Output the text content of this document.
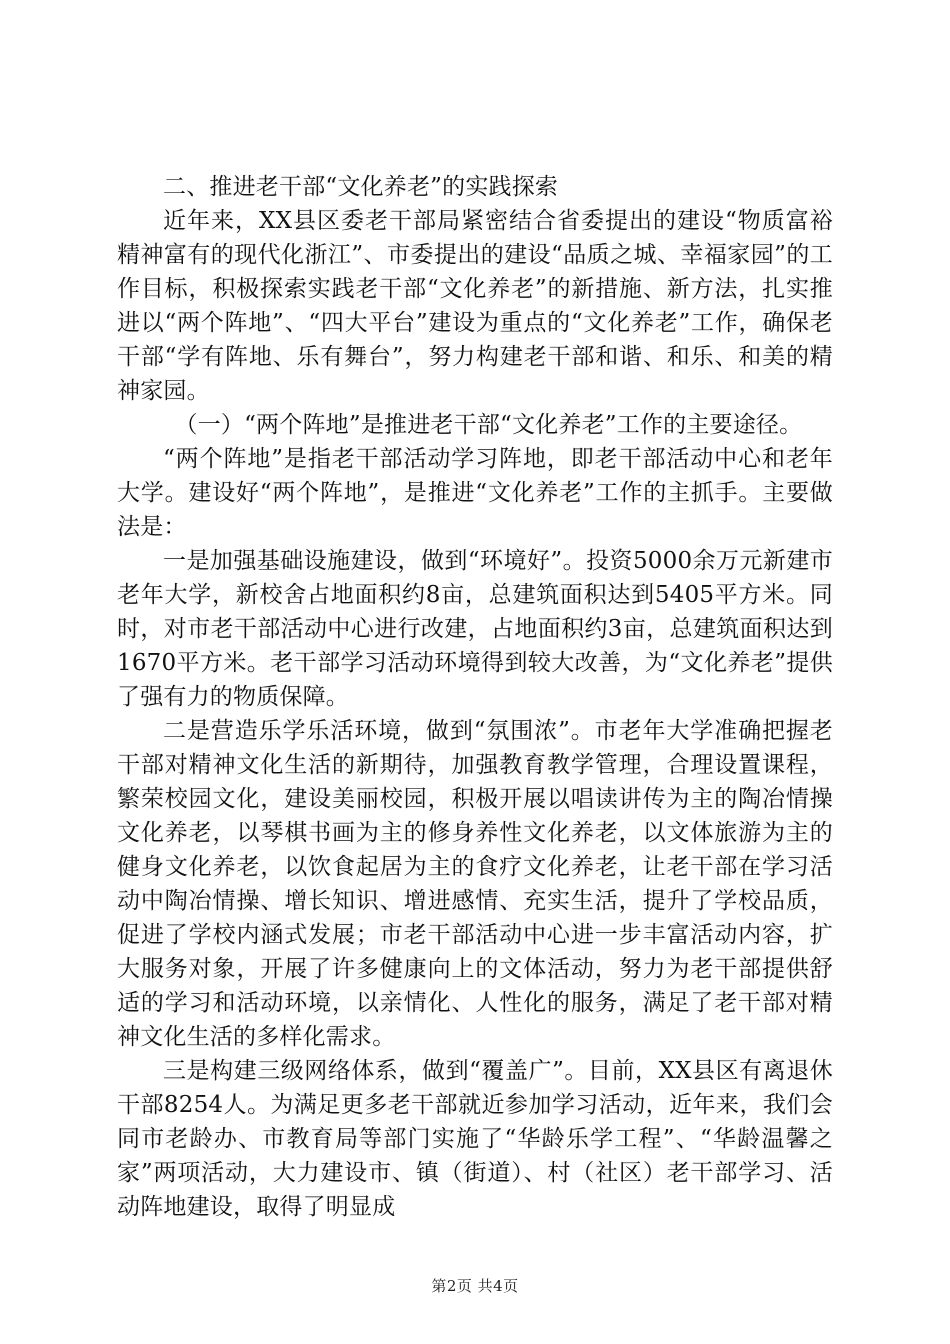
二、推进老干部“文化养老”的实践探索

近年来，XX县区委老干部局紧密结合省委提出的建设“物质富裕精神富有的现代化浙江”、市委提出的建设“品质之城、幸福家园”的工作目标，积极探索实践老干部“文化养老”的新措施、新方法，扎实推进以“两个阵地”、“四大平台”建设为重点的“文化养老”工作，确保老干部“学有阵地、乐有舞台”，努力构建老干部和谐、和乐、和美的精神家园。

（一）“两个阵地”是推进老干部“文化养老”工作的主要途径。

“两个阵地”是指老干部活动学习阵地，即老干部活动中心和老年大学。建设好“两个阵地”，是推进“文化养老”工作的主抓手。主要做法是：

一是加强基础设施建设，做到“环境好”。投资5000余万元新建市老年大学，新校舍占地面积约8亩，总建筑面积达到5405平方米。同时，对市老干部活动中心进行改建，占地面积约3亩，总建筑面积达到1670平方米。老干部学习活动环境得到较大改善，为“文化养老”提供了强有力的物质保障。

二是营造乐学乐活环境，做到“氛围浓”。市老年大学准确把握老干部对精神文化生活的新期待，加强教育教学管理，合理设置课程，繁荣校园文化，建设美丽校园，积极开展以唱读讲传为主的陶冶情操文化养老，以琴棋书画为主的修身养性文化养老，以文体旅游为主的健身文化养老，以饮食起居为主的食疗文化养老，让老干部在学习活动中陶冶情操、增长知识、增进感情、充实生活，提升了学校品质，促进了学校内涵式发展；市老干部活动中心进一步丰富活动内容，扩大服务对象，开展了许多健康向上的文体活动，努力为老干部提供舒适的学习和活动环境，以亲情化、人性化的服务，满足了老干部对精神文化生活的多样化需求。

三是构建三级网络体系，做到“覆盖广”。目前，XX县区有离退休干部8254人。为满足更多老干部就近参加学习活动，近年来，我们会同市老龄办、市教育局等部门实施了“华龄乐学工程”、“华龄温馨之家”两项活动，大力建设市、镇（街道）、村（社区）老干部学习、活动阵地建设，取得了明显成

第2页 共4页
